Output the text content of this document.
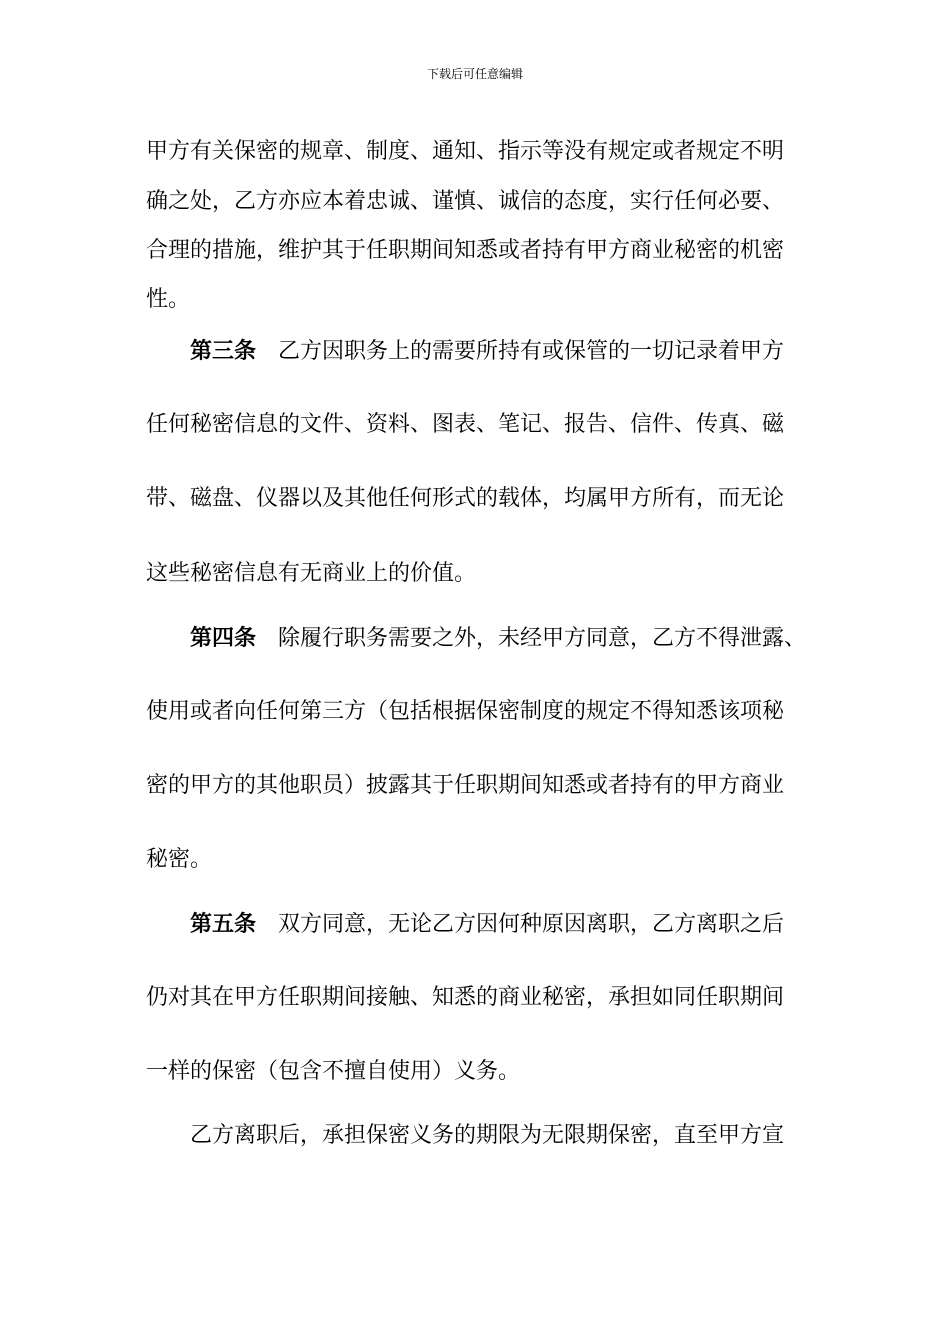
下载后可任意编辑
甲方有关保密的规章、制度、通知、指示等没有规定或者规定不明
确之处，乙方亦应本着忠诚、谨慎、诚信的态度，实行任何必要、
合理的措施，维护其于任职期间知悉或者持有甲方商业秘密的机密
性。
第三条 乙方因职务上的需要所持有或保管的一切记录着甲方
任何秘密信息的文件、资料、图表、笔记、报告、信件、传真、磁
带、磁盘、仪器以及其他任何形式的载体，均属甲方所有，而无论
这些秘密信息有无商业上的价值。
第四条 除履行职务需要之外，未经甲方同意，乙方不得泄露、
使用或者向任何第三方（包括根据保密制度的规定不得知悉该项秘
密的甲方的其他职员）披露其于任职期间知悉或者持有的甲方商业
秘密。
第五条 双方同意，无论乙方因何种原因离职，乙方离职之后
仍对其在甲方任职期间接触、知悉的商业秘密，承担如同任职期间
一样的保密（包含不擅自使用）义务。
乙方离职后，承担保密义务的期限为无限期保密，直至甲方宣
